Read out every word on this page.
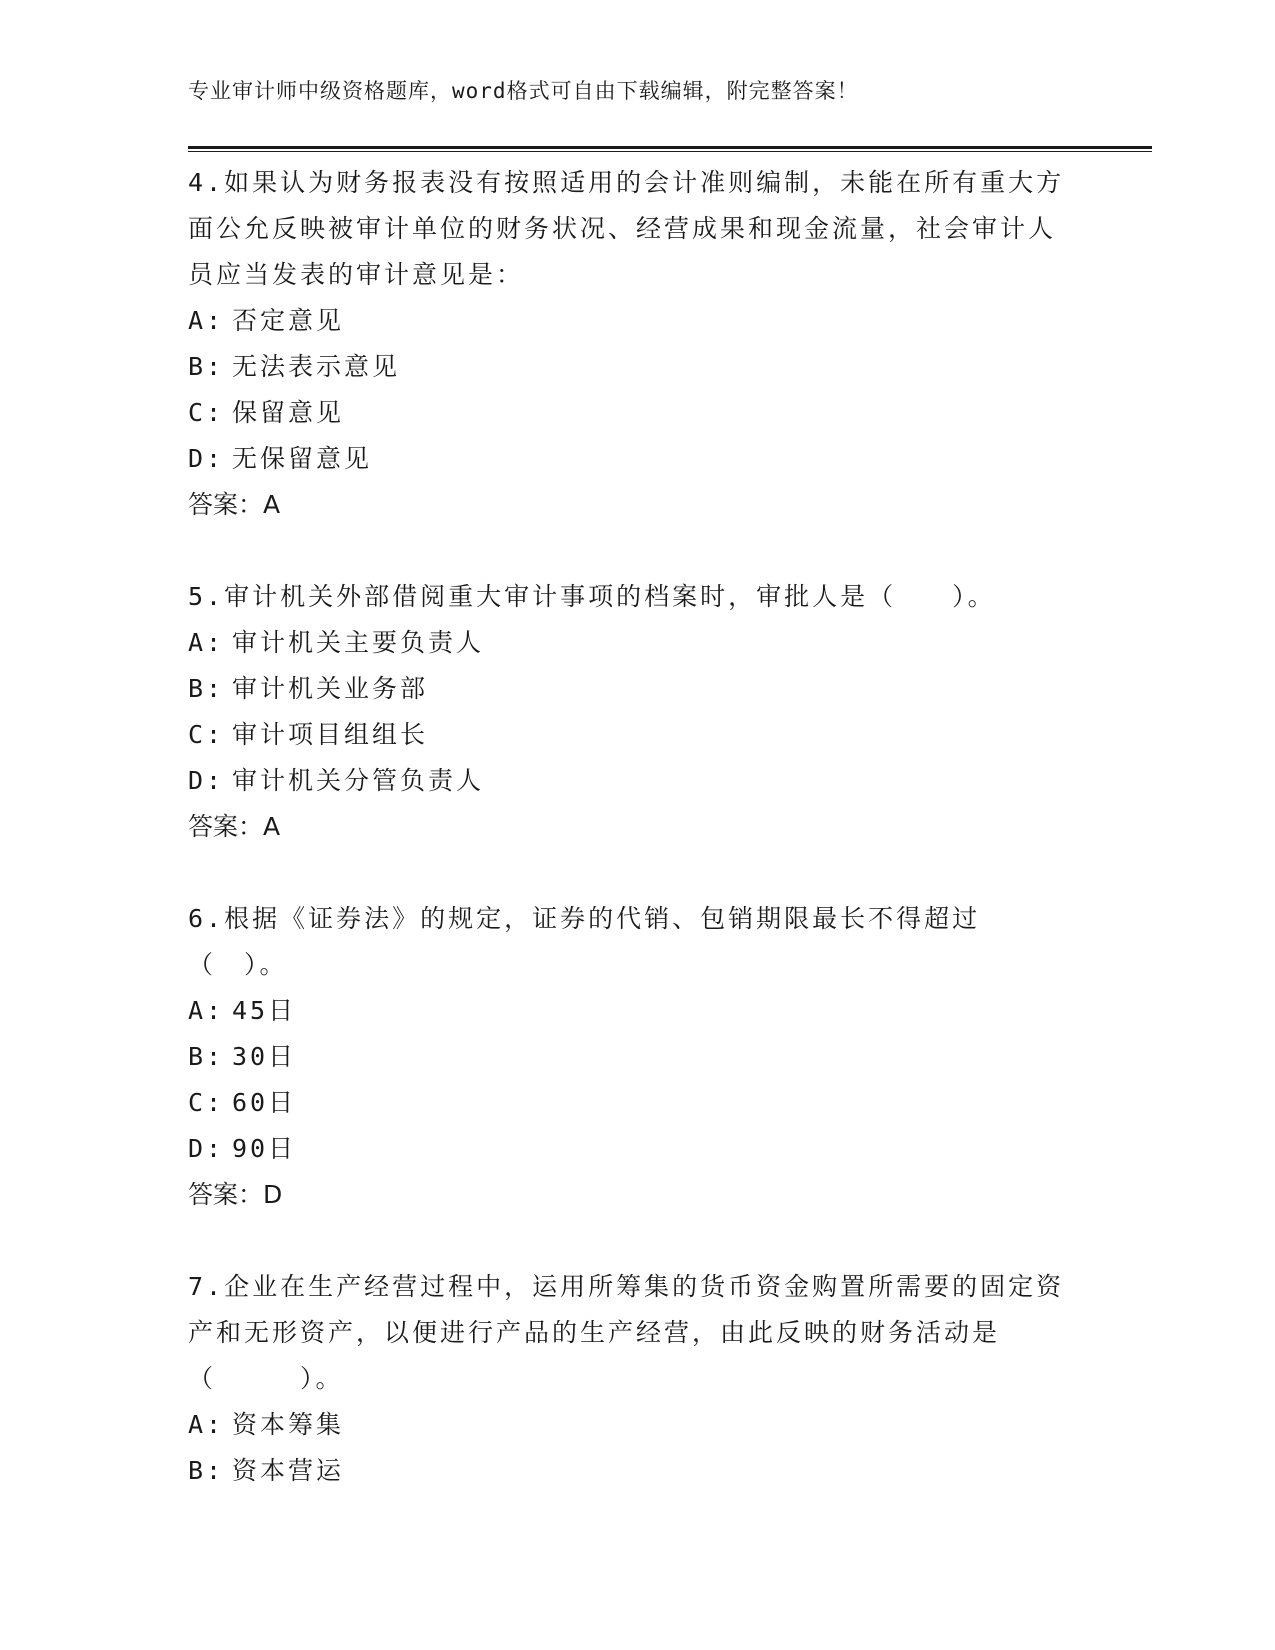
专业审计师中级资格题库，word格式可自由下载编辑，附完整答案！

4.如果认为财务报表没有按照适用的会计准则编制，未能在所有重大方面公允反映被审计单位的财务状况、经营成果和现金流量，社会审计人员应当发表的审计意见是：

A: 否定意见

B: 无法表示意见

C: 保留意见

D: 无保留意见

答案：A

5.审计机关外部借阅重大审计事项的档案时，审批人是（　　）。

A: 审计机关主要负责人

B: 审计机关业务部

C: 审计项目组组长

D: 审计机关分管负责人

答案：A

6.根据《证券法》的规定，证券的代销、包销期限最长不得超过（　）。

A: 45日

B: 30日

C: 60日

D: 90日

答案：D

7.企业在生产经营过程中，运用所筹集的货币资金购置所需要的固定资产和无形资产，以便进行产品的生产经营，由此反映的财务活动是（　　　）。

A: 资本筹集

B: 资本营运
